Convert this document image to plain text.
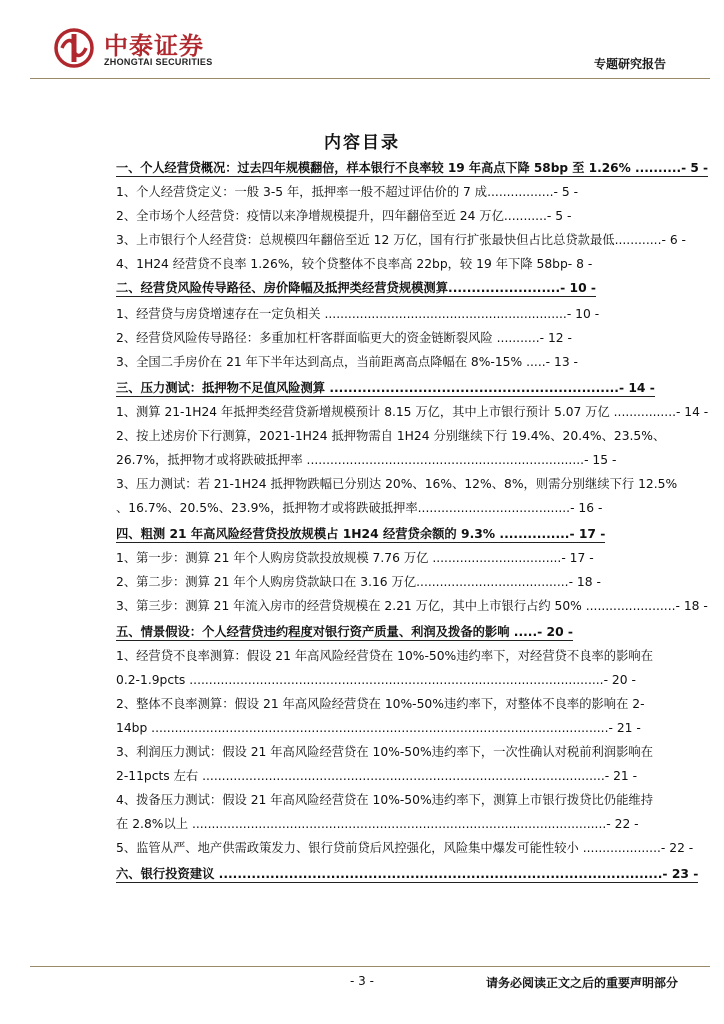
中泰证券
ZHONGTAI SECURITIES	专题研究报告
内容目录
一、个人经营贷概况：过去四年规模翻倍，样本银行不良率较 19 年高点下降 58bp 至 1.26% ..........- 5 -
1、个人经营贷定义：一般 3-5 年，抵押率一般不超过评估价的 7 成.................- 5 -
2、全市场个人经营贷：疫情以来净增规模提升，四年翻倍至近 24 万亿...........- 5 -
3、上市银行个人经营贷：总规模四年翻倍至近 12 万亿，国有行扩张最快但占比总贷款最低............- 6 -
4、1H24 经营贷不良率 1.26%，较个贷整体不良率高 22bp，较 19 年下降 58bp- 8 -
二、经营贷风险传导路径、房价降幅及抵押类经营贷规模测算........................- 10 -
1、经营贷与房贷增速存在一定负相关 ..............................................................- 10 -
2、经营贷风险传导路径：多重加杠杆客群面临更大的资金链断裂风险 ...........- 12 -
3、全国二手房价在 21 年下半年达到高点，当前距离高点降幅在 8%-15% .....- 13 -
三、压力测试：抵押物不足值风险测算 ..............................................................- 14 -
1、测算 21-1H24 年抵押类经营贷新增规模预计 8.15 万亿，其中上市银行预计 5.07 万亿 ................- 14 -
2、按上述房价下行测算，2021-1H24 抵押物需自 1H24 分别继续下行 19.4%、20.4%、23.5%、
26.7%，抵押物才或将跌破抵押率 .......................................................................- 15 -
3、压力测试：若 21-1H24 抵押物跌幅已分别达 20%、16%、12%、8%，则需分别继续下行 12.5%
、16.7%、20.5%、23.9%，抵押物才或将跌破抵押率.......................................- 16 -
四、粗测 21 年高风险经营贷投放规模占 1H24 经营贷余额的 9.3% ...............- 17 -
1、第一步：测算 21 年个人购房贷款投放规模 7.76 万亿 .................................- 17 -
2、第二步：测算 21 年个人购房贷款缺口在 3.16 万亿.......................................- 18 -
3、第三步：测算 21 年流入房市的经营贷规模在 2.21 万亿，其中上市银行占约 50% .......................- 18 -
五、情景假设：个人经营贷违约程度对银行资产质量、利润及拨备的影响 .....- 20 -
1、经营贷不良率测算：假设 21 年高风险经营贷在 10%-50%违约率下，对经营贷不良率的影响在
0.2-1.9pcts ..........................................................................................................- 20 -
2、整体不良率测算：假设 21 年高风险经营贷在 10%-50%违约率下，对整体不良率的影响在 2-
14bp .....................................................................................................................- 21 -
3、利润压力测试：假设 21 年高风险经营贷在 10%-50%违约率下，一次性确认对税前利润影响在
2-11pcts 左右 .......................................................................................................- 21 -
4、拨备压力测试：假设 21 年高风险经营贷在 10%-50%违约率下，测算上市银行拨贷比仍能维持
在 2.8%以上 ..........................................................................................................- 22 -
5、监管从严、地产供需政策发力、银行贷前贷后风控强化，风险集中爆发可能性较小 ....................- 22 -
六、银行投资建议 ...............................................................................................- 23 -
- 3 -	请务必阅读正文之后的重要声明部分
